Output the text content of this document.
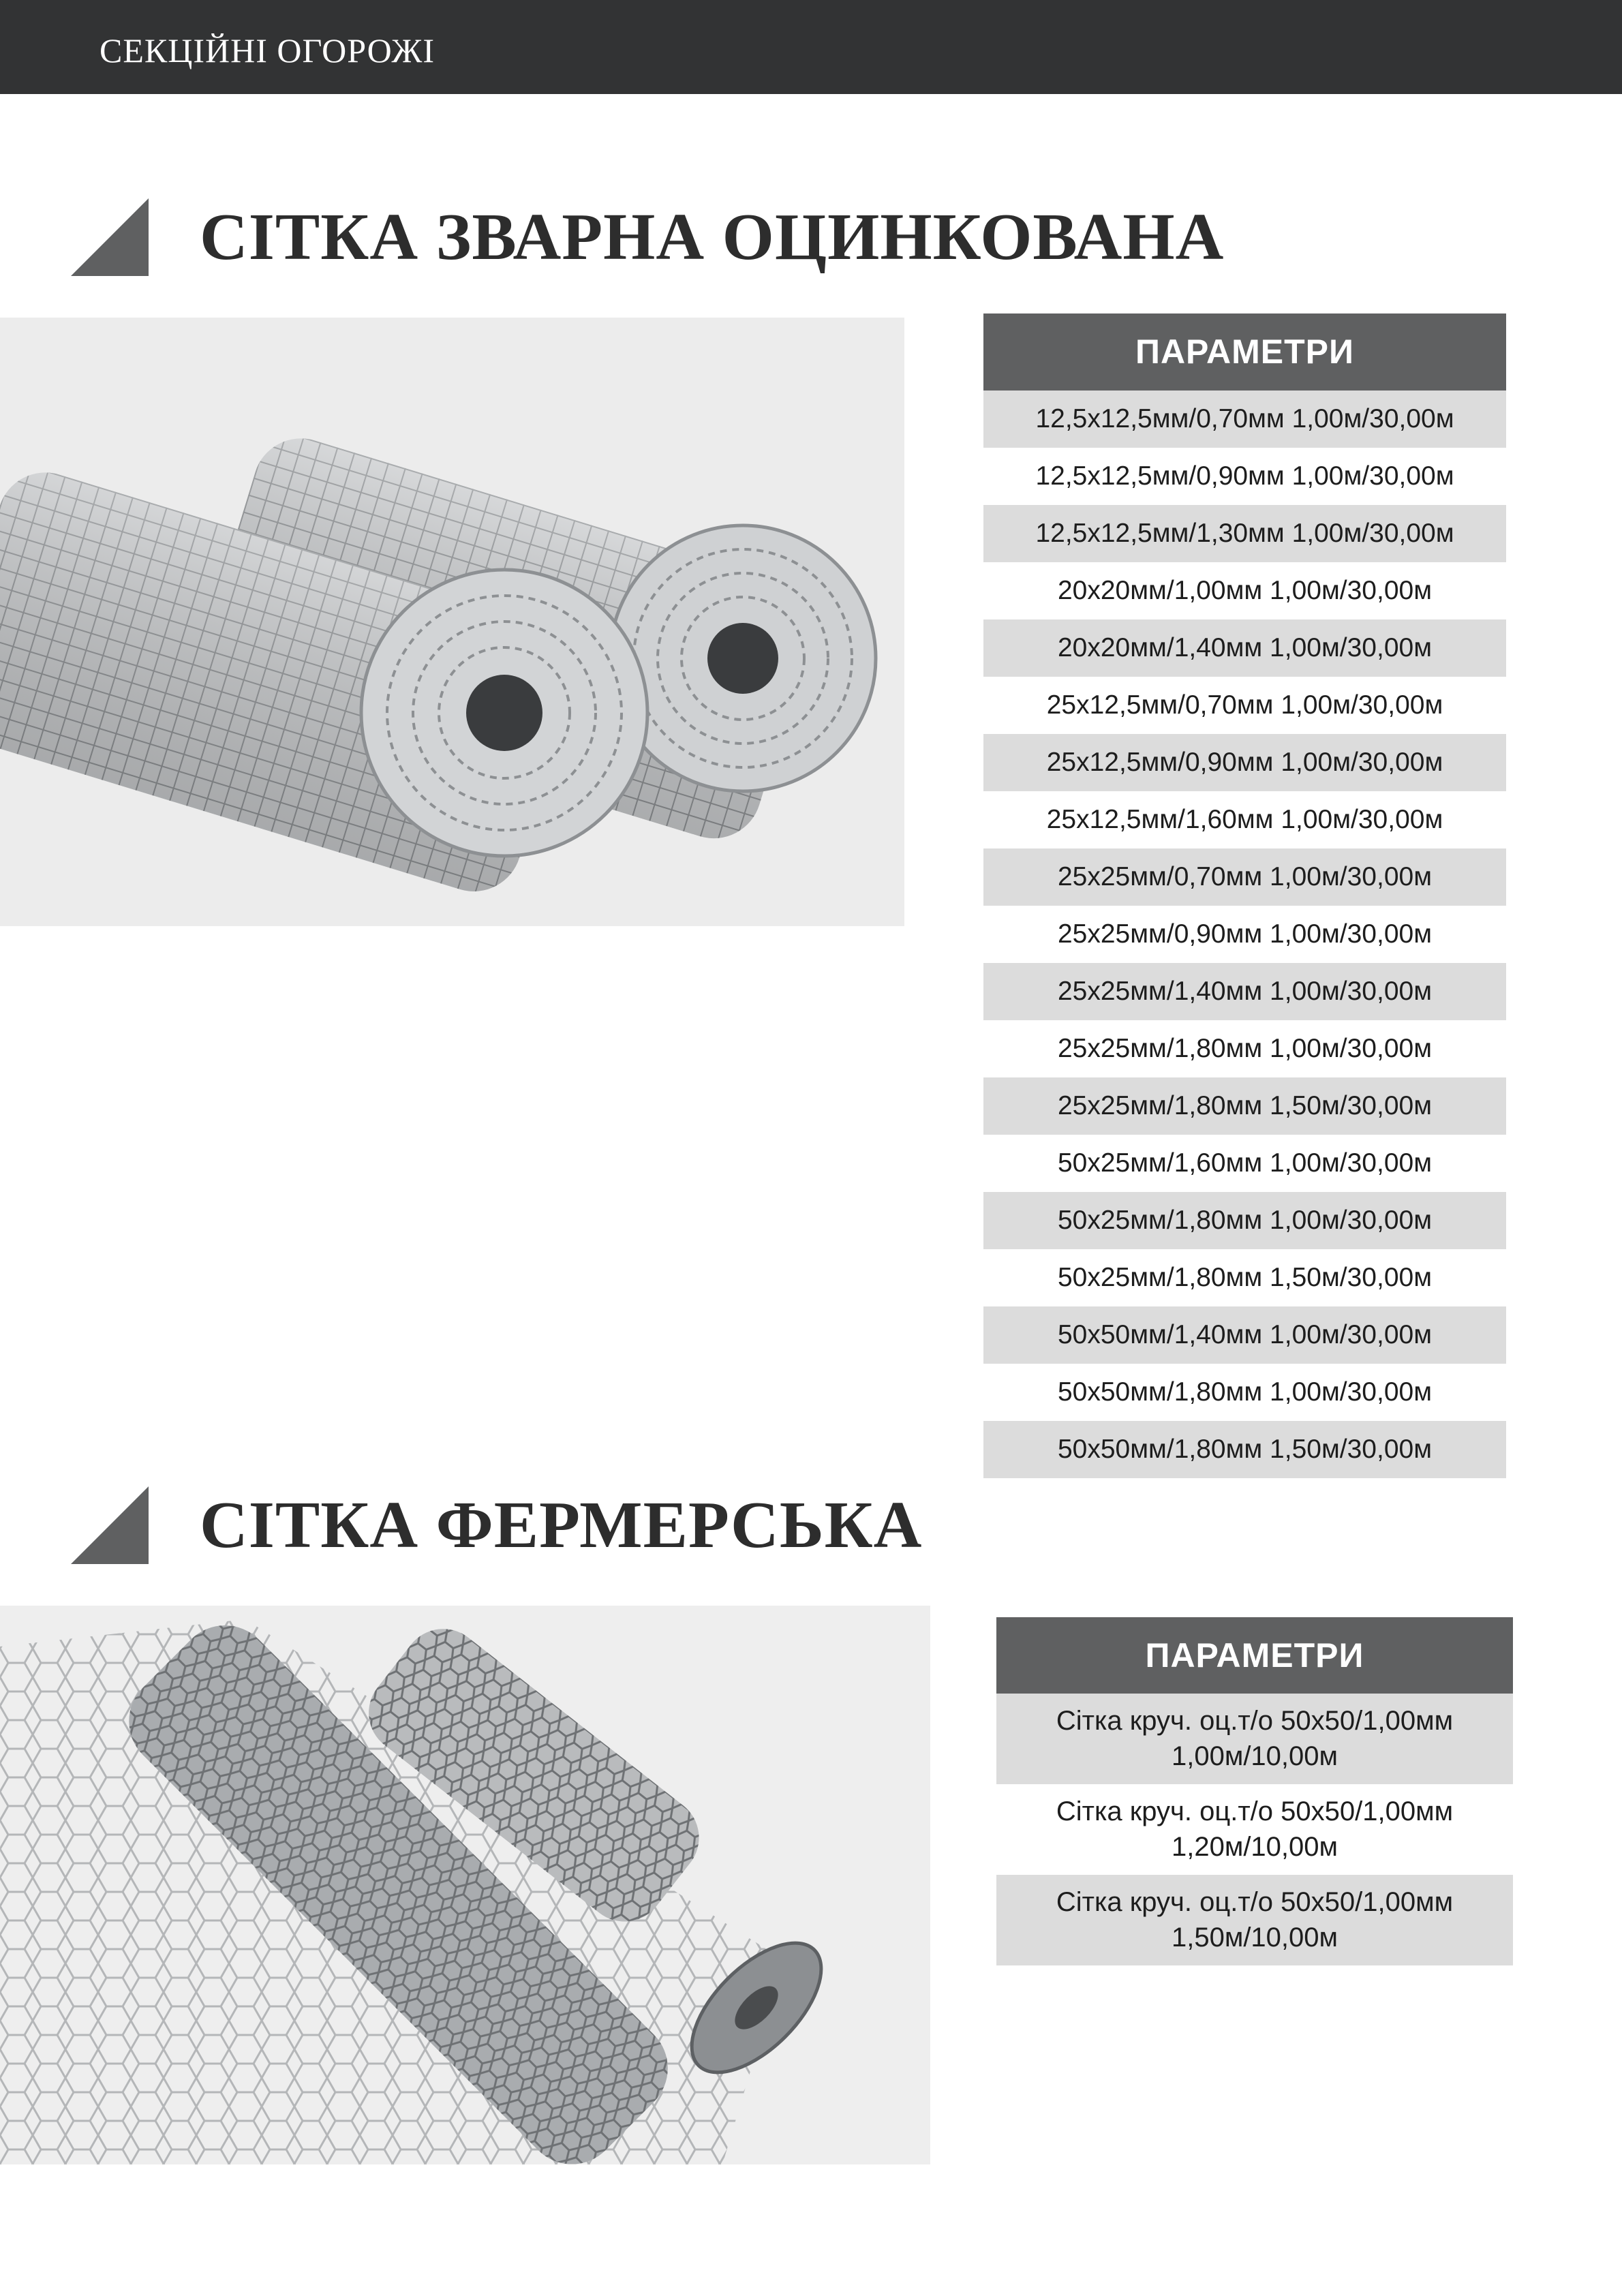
СЕКЦІЙНІ ОГОРОЖІ
СІТКА ЗВАРНА ОЦИНКОВАНА
ПАРАМЕТРИ
12,5х12,5мм/0,70мм 1,00м/30,00м
12,5х12,5мм/0,90мм 1,00м/30,00м
12,5х12,5мм/1,30мм 1,00м/30,00м
20х20мм/1,00мм 1,00м/30,00м
20х20мм/1,40мм 1,00м/30,00м
25х12,5мм/0,70мм 1,00м/30,00м
25х12,5мм/0,90мм 1,00м/30,00м
25х12,5мм/1,60мм 1,00м/30,00м
25х25мм/0,70мм 1,00м/30,00м
25х25мм/0,90мм 1,00м/30,00м
25х25мм/1,40мм 1,00м/30,00м
25х25мм/1,80мм 1,00м/30,00м
25х25мм/1,80мм 1,50м/30,00м
50х25мм/1,60мм 1,00м/30,00м
50х25мм/1,80мм 1,00м/30,00м
50х25мм/1,80мм 1,50м/30,00м
50х50мм/1,40мм 1,00м/30,00м
50х50мм/1,80мм 1,00м/30,00м
50х50мм/1,80мм 1,50м/30,00м
СІТКА ФЕРМЕРСЬКА
ПАРАМЕТРИ
Сітка круч. оц.т/о 50х50/1,00мм
1,00м/10,00м
Сітка круч. оц.т/о 50х50/1,00мм
1,20м/10,00м
Сітка круч. оц.т/о 50х50/1,00мм
1,50м/10,00м
